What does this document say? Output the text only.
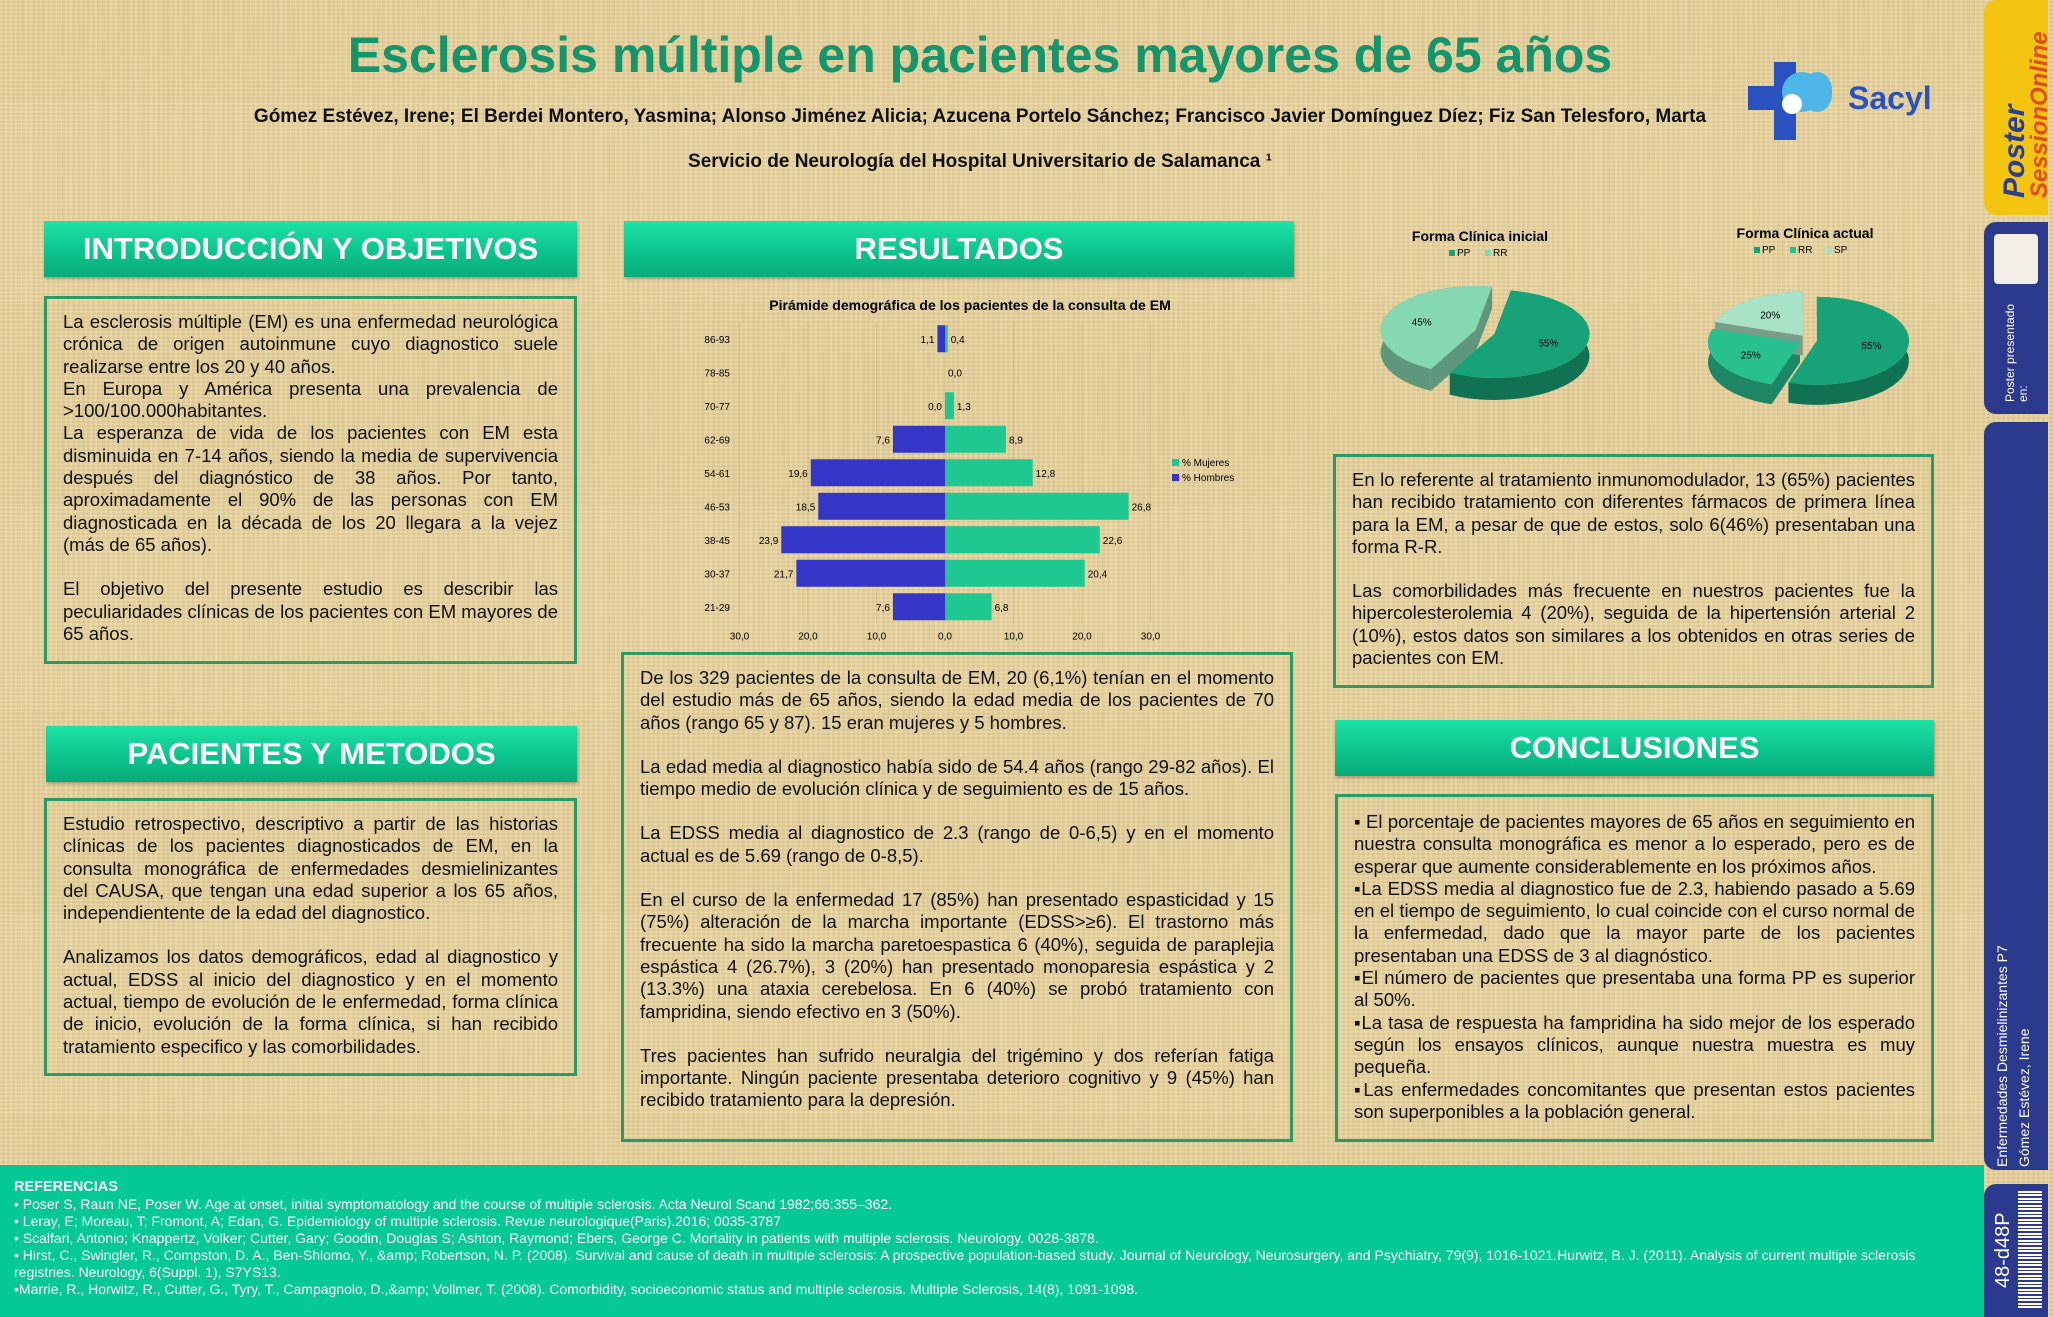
Esclerosis múltiple en pacientes mayores de 65 años
Gómez Estévez, Irene; El Berdei Montero, Yasmina; Alonso Jiménez Alicia; Azucena Portelo Sánchez; Francisco Javier Domínguez Díez; Fiz San Telesforo, Marta
Servicio de Neurología del Hospital Universitario de Salamanca ¹
Sacyl
INTRODUCCIÓN Y OBJETIVOS	RESULTADOS
PACIENTES Y METODOS	CONCLUSIONES

La esclerosis múltiple (EM) es una enfermedad neurológica crónica de origen autoinmune cuyo diagnostico suele realizarse entre los 20 y 40 años.

En Europa y América presenta una prevalencia de >100/100.000habitantes.

La esperanza de vida de los pacientes con EM esta disminuida en 7-14 años, siendo la media de supervivencia después del diagnóstico de 38 años. Por tanto, aproximadamente el 90% de las personas con EM diagnosticada en la década de los 20 llegara a la vejez (más de 65 años).

El objetivo del presente estudio es describir las peculiaridades clínicas de los pacientes con EM mayores de 65 años.

Estudio retrospectivo, descriptivo a partir de las historias clínicas de los pacientes diagnosticados de EM, en la consulta monográfica de enfermedades desmielinizantes del CAUSA, que tengan una edad superior a los 65 años, independientente de la edad del diagnostico.

Analizamos los datos demográficos, edad al diagnostico y actual, EDSS al inicio del diagnostico y en el momento actual, tiempo de evolución de le enfermedad, forma clínica de inicio, evolución de la forma clínica, si han recibido tratamiento especifico y las comorbilidades.

De los 329 pacientes de la consulta de EM, 20 (6,1%) tenían en el momento del estudio más de 65 años, siendo la edad media de los pacientes de 70 años (rango 65 y 87). 15 eran mujeres y 5 hombres.

La edad media al diagnostico había sido de 54.4 años (rango 29-82 años). El tiempo medio de evolución clínica y de seguimiento es de 15 años.

La EDSS media al diagnostico de 2.3 (rango de 0-6,5) y en el momento actual es de 5.69 (rango de 0-8,5).

En el curso de la enfermedad 17 (85%) han presentado espasticidad y 15 (75%) alteración de la marcha importante (EDSS>≥6). El trastorno más frecuente ha sido la marcha paretoespastica 6 (40%), seguida de paraplejia espástica 4 (26.7%), 3 (20%) han presentado monoparesia espástica y 2 (13.3%) una ataxia cerebelosa. En 6 (40%) se probó tratamiento con fampridina, siendo efectivo en 3 (50%).

Tres pacientes han sufrido neuralgia del trigémino y dos referían fatiga importante. Ningún paciente presentaba deterioro cognitivo y 9 (45%) han recibido tratamiento para la depresión.

En lo referente al tratamiento inmunomodulador, 13 (65%) pacientes han recibido tratamiento con diferentes fármacos de primera línea para la EM, a pesar de que de estos, solo 6(46%) presentaban una forma R-R.

Las comorbilidades más frecuente en nuestros pacientes fue la hipercolesterolemia 4 (20%), seguida de la hipertensión arterial 2 (10%), estos datos son similares a los obtenidos en otras series de pacientes con EM.

▪ El porcentaje de pacientes mayores de 65 años en seguimiento en nuestra consulta monográfica es menor a lo esperado, pero es de esperar que aumente considerablemente en los próximos años.

▪La EDSS media al diagnostico fue de 2.3, habiendo pasado a 5.69 en el tiempo de seguimiento, lo cual coincide con el curso normal de la enfermedad, dado que la mayor parte de los pacientes presentaban una EDSS de 3 al diagnóstico.

▪El número de pacientes que presentaba una forma PP es superior al 50%.

▪La tasa de respuesta ha fampridina ha sido mejor de los esperado según los ensayos clínicos, aunque nuestra muestra es muy pequeña.

▪Las enfermedades concomitantes que presentan estos pacientes son superponibles a la población general.

Pirámide demográfica de los pacientes de la consulta de EM
86-93	1,1 0,4
78-85	0,0
70-77	0,0 1,3
62-69	7,6	8,9
54-61	19,6	12,8
46-53	18,5	26,8
38-45	23,9	22,6
30-37	21,7	20,4
21-29	7,6	6,8
30,0	20,0	10,0	0,0	10,0	20,0	30,0
% Mujeres
% Hombres
Forma Clínica inicial
PP RR
55%
45%
Forma Clínica actual
PP RR SP
55%
25%
20%
REFERENCIAS
• Poser S, Raun NE, Poser W. Age at onset, initial symptomatology and the course of multiple sclerosis. Acta Neurol Scand 1982;66:355–362.
• Leray, E; Moreau, T; Fromont, A; Edan, G. Epidemiology of multiple sclerosis. Revue neurologique(Paris).2016; 0035-3787
• Scalfari, Antonio; Knappertz, Volker; Cutter, Gary; Goodin, Douglas S; Ashton, Raymond; Ebers, George C. Mortality in patients with multiple sclerosis. Neurology. 0028-3878.
• Hirst, C., Swingler, R., Compston, D. A., Ben-Shlomo, Y., &amp; Robertson, N. P. (2008). Survival and cause of death in multiple sclerosis: A prospective population-based study. Journal of Neurology, Neurosurgery, and Psychiatry, 79(9), 1016-1021.Hurwitz, B. J. (2011). Analysis of current multiple sclerosis registries. Neurology, 6(Suppl. 1), S7YS13.
•Marrie, R., Horwitz, R., Cutter, G., Tyry, T., Campagnolo, D.,&amp; Vollmer, T. (2008). Comorbidity, socioeconomic status and multiple sclerosis. Multiple Sclerosis, 14(8), 1091-1098.
Poster
SessionOnline
Poster presentado en:
Enfermedades Desmielinizantes P7 Gómez Estévez, Irene
48-d48P
